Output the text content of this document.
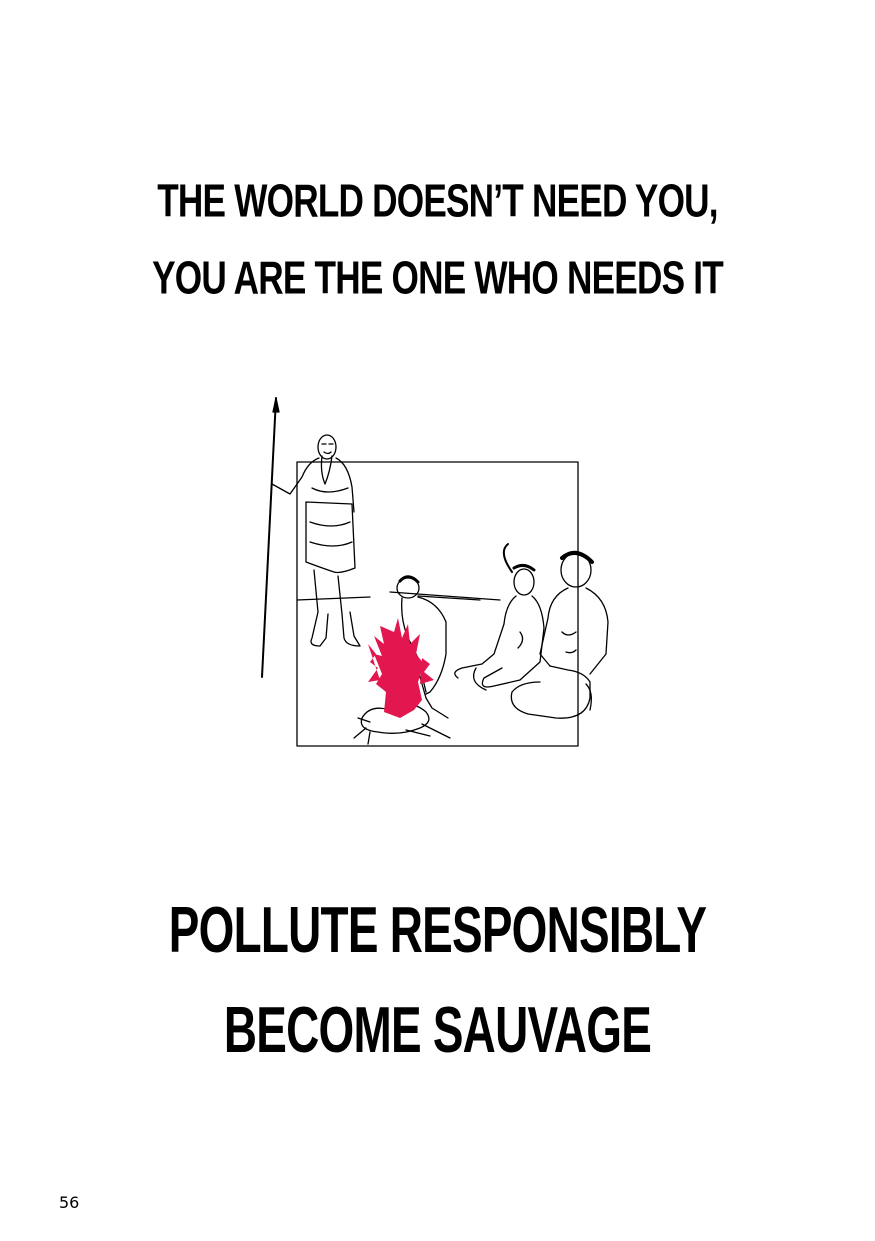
THE WORLD DOESN’T NEED YOU,
YOU ARE THE ONE WHO NEEDS IT
POLLUTE RESPONSIBLY
BECOME SAUVAGE
56
